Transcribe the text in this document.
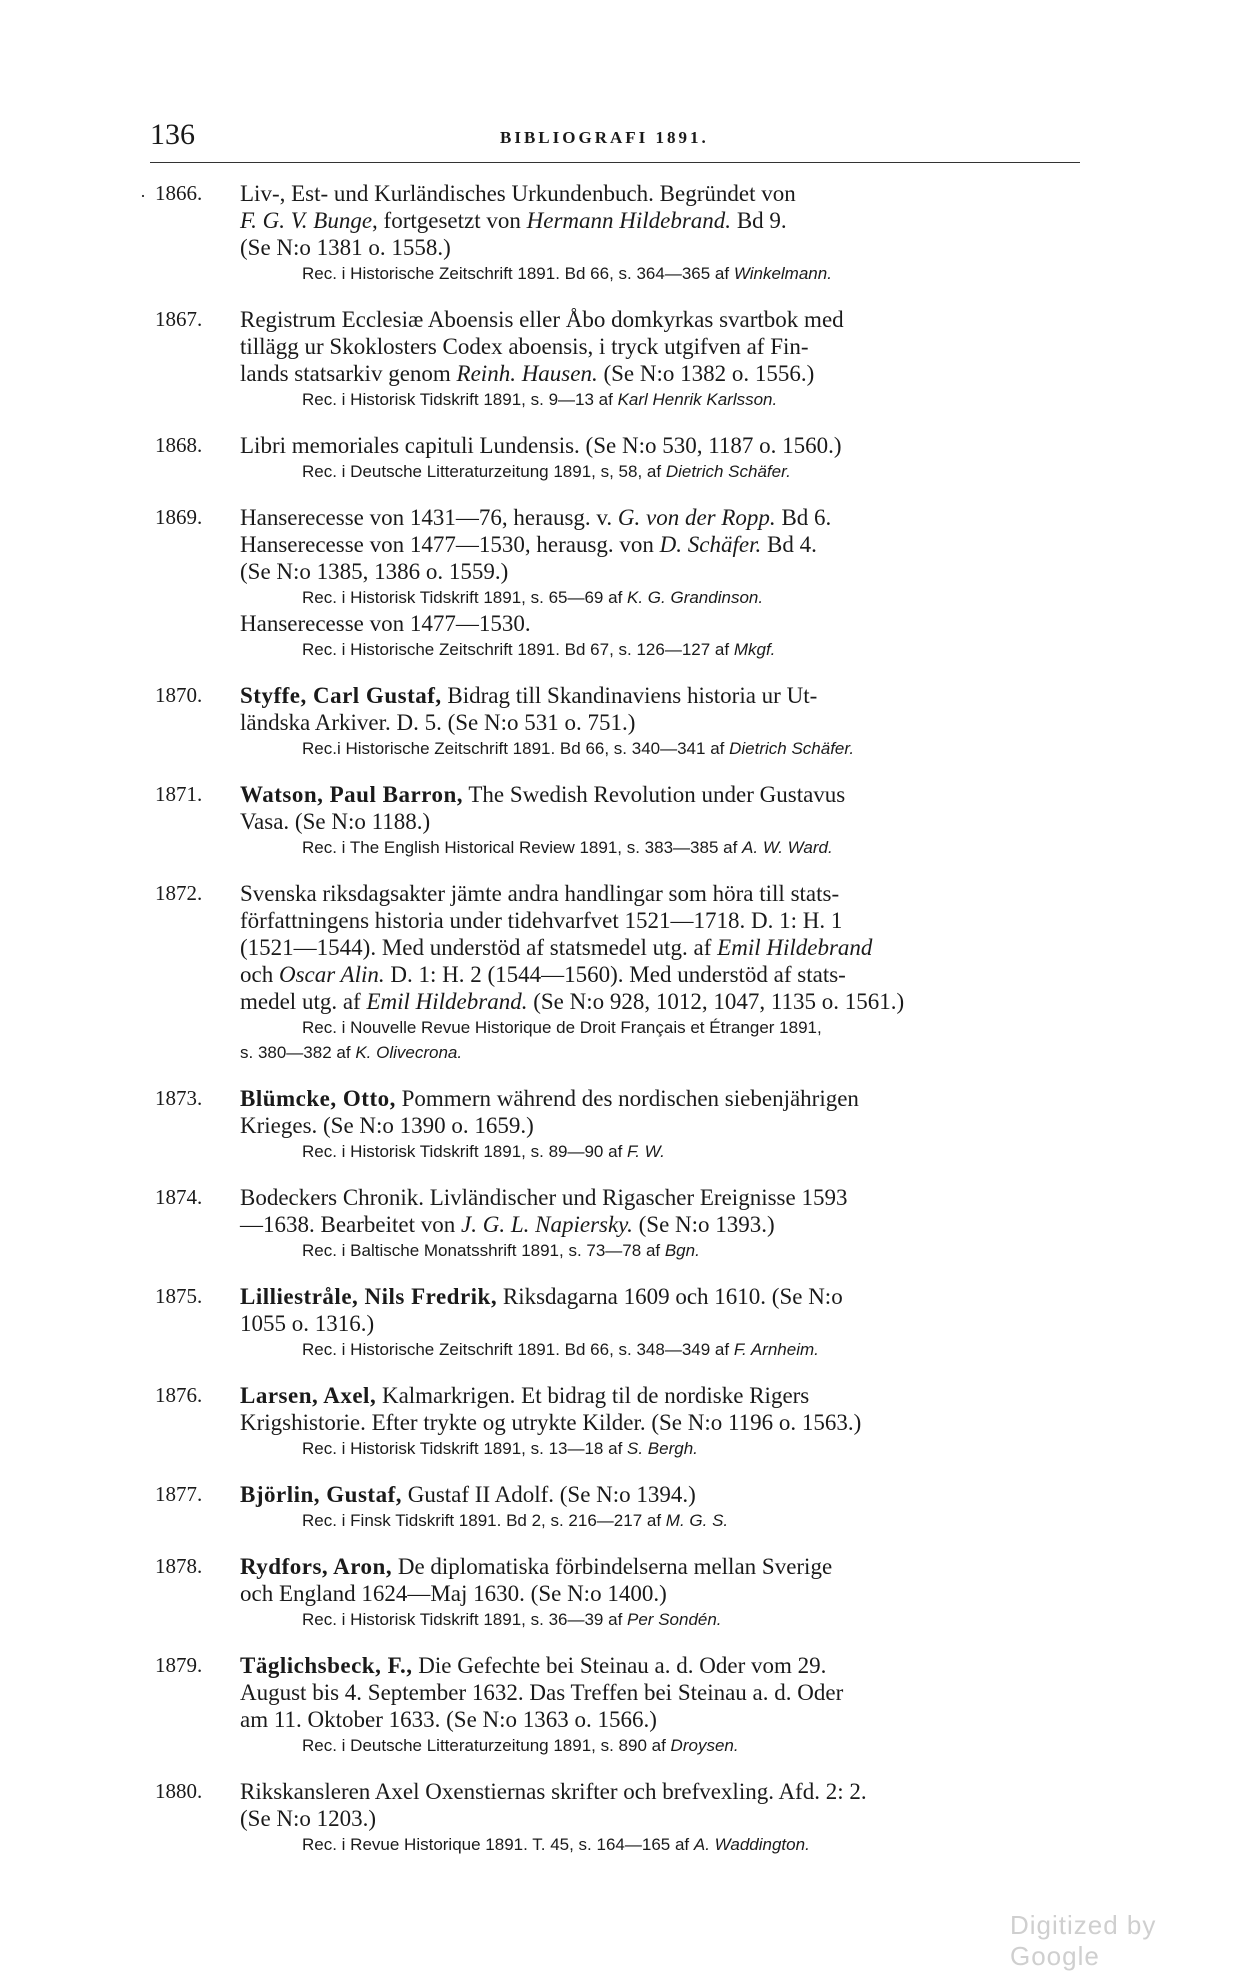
136	BIBLIOGRAFI 1891.
· 1866.	Liv-, Est- und Kurländisches Urkundenbuch. Begründet von
F. G. V. Bunge, fortgesetzt von Hermann Hildebrand. Bd 9.
(Se N:o 1381 o. 1558.)
Rec. i Historische Zeitschrift 1891. Bd 66, s. 364—365 af Winkelmann.
1867.	Registrum Ecclesiæ Aboensis eller Åbo domkyrkas svartbok med
tillägg ur Skoklosters Codex aboensis, i tryck utgifven af Fin-
lands statsarkiv genom Reinh. Hausen. (Se N:o 1382 o. 1556.)
Rec. i Historisk Tidskrift 1891, s. 9—13 af Karl Henrik Karlsson.
1868.	Libri memoriales capituli Lundensis. (Se N:o 530, 1187 o. 1560.)
Rec. i Deutsche Litteraturzeitung 1891, s, 58, af Dietrich Schäfer.
1869.	Hanserecesse von 1431—76, herausg. v. G. von der Ropp. Bd 6.
Hanserecesse von 1477—1530, herausg. von D. Schäfer. Bd 4.
(Se N:o 1385, 1386 o. 1559.)
Rec. i Historisk Tidskrift 1891, s. 65—69 af K. G. Grandinson.
Hanserecesse von 1477—1530.
Rec. i Historische Zeitschrift 1891. Bd 67, s. 126—127 af Mkgf.
1870.	Styffe, Carl Gustaf, Bidrag till Skandinaviens historia ur Ut-
ländska Arkiver. D. 5. (Se N:o 531 o. 751.)
Rec.i Historische Zeitschrift 1891. Bd 66, s. 340—341 af Dietrich Schäfer.
1871.	Watson, Paul Barron, The Swedish Revolution under Gustavus
Vasa. (Se N:o 1188.)
Rec. i The English Historical Review 1891, s. 383—385 af A. W. Ward.
1872.	Svenska riksdagsakter jämte andra handlingar som höra till stats-
författningens historia under tidehvarfvet 1521—1718. D. 1: H. 1
(1521—1544). Med understöd af statsmedel utg. af Emil Hildebrand
och Oscar Alin. D. 1: H. 2 (1544—1560). Med understöd af stats-
medel utg. af Emil Hildebrand. (Se N:o 928, 1012, 1047, 1135 o. 1561.)
Rec. i Nouvelle Revue Historique de Droit Français et Étranger 1891,
s. 380—382 af K. Olivecrona.
1873.	Blümcke, Otto, Pommern während des nordischen siebenjährigen
Krieges. (Se N:o 1390 o. 1659.)
Rec. i Historisk Tidskrift 1891, s. 89—90 af F. W.
1874.	Bodeckers Chronik. Livländischer und Rigascher Ereignisse 1593
—1638. Bearbeitet von J. G. L. Napiersky. (Se N:o 1393.)
Rec. i Baltische Monatsshrift 1891, s. 73—78 af Bgn.
1875.	Lilliestråle, Nils Fredrik, Riksdagarna 1609 och 1610. (Se N:o
1055 o. 1316.)
Rec. i Historische Zeitschrift 1891. Bd 66, s. 348—349 af F. Arnheim.
1876.	Larsen, Axel, Kalmarkrigen. Et bidrag til de nordiske Rigers
Krigshistorie. Efter trykte og utrykte Kilder. (Se N:o 1196 o. 1563.)
Rec. i Historisk Tidskrift 1891, s. 13—18 af S. Bergh.
1877.	Björlin, Gustaf, Gustaf II Adolf. (Se N:o 1394.)
Rec. i Finsk Tidskrift 1891. Bd 2, s. 216—217 af M. G. S.
1878.	Rydfors, Aron, De diplomatiska förbindelserna mellan Sverige
och England 1624—Maj 1630. (Se N:o 1400.)
Rec. i Historisk Tidskrift 1891, s. 36—39 af Per Sondén.
1879.	Täglichsbeck, F., Die Gefechte bei Steinau a. d. Oder vom 29.
August bis 4. September 1632. Das Treffen bei Steinau a. d. Oder
am 11. Oktober 1633. (Se N:o 1363 o. 1566.)
Rec. i Deutsche Litteraturzeitung 1891, s. 890 af Droysen.
1880.	Rikskansleren Axel Oxenstiernas skrifter och brefvexling. Afd. 2: 2.
(Se N:o 1203.)
Rec. i Revue Historique 1891. T. 45, s. 164—165 af A. Waddington.
Digitized by Google
